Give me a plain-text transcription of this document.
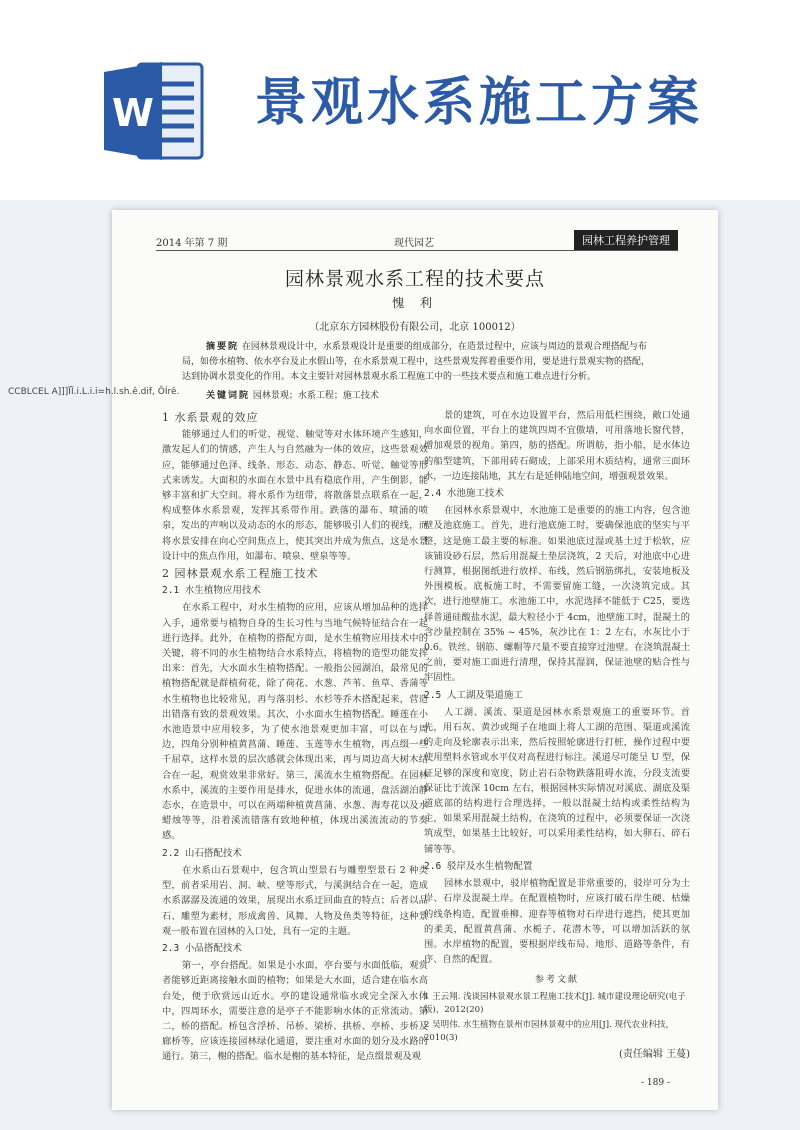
W 景观水系施工方案
2014 年第 7 期	现代园艺	园林工程养护管理
园林景观水系工程的技术要点
愧 利
（北京东方园林股份有限公司，北京 100012）
摘要院 在园林景观设计中，水系景观设计是重要的组成部分，在造景过程中，应该与周边的景观合理搭配与布局，如傍水植物、依水亭台及止水假山等，在水系景观工程中，这些景观发挥着重要作用，要是进行景观实物的搭配，达到协调水景变化的作用。本文主要针对园林景观水系工程施工中的一些技术要点和施工难点进行分析。
关键词院 园林景观；水系工程；施工技术
1 水系景观的效应

能够通过人们的听觉、视觉、触觉等对水体环境产生感知，激发起人们的情感，产生人与自然融为一体的效应，这些景观效应，能够通过色泽、线条、形态、动态、静态、听觉、触觉等形式来诱发。大面积的水面在水景中具有稳底作用，产生倒影，能够丰富和扩大空间。将水系作为纽带，将散落景点联系在一起，构成整体水系景观，发挥其系带作用。跌落的瀑布、喷涌的喷泉，发出的声响以及动态的水的形态，能够吸引人们的视线，而将水景安排在向心空间焦点上，使其突出并成为焦点，这是水景设计中的焦点作用，如瀑布、喷泉、壁泉等等。

2 园林景观水系工程施工技术
2.1 水生植物应用技术

在水系工程中，对水生植物的应用，应该从增加品种的选择入手，通常要与植物自身的生长习性与当地气候特征结合在一起进行选择。此外，在植物的搭配方面，是水生植物应用技术中的关键，将不同的水生植物结合水系特点，将植物的造型功能发挥出来：首先，大水面水生植物搭配。一般指公园湖泊，最常见的植物搭配就是群植荷花，除了荷花、水葱、芦苇、鱼草、香蒲等水生植物也比较常见，再与落羽杉、水杉等乔木搭配起来，营造出错落有致的景观效果。其次，小水面水生植物搭配。睡莲在小水池造景中应用较多，为了使水池景观更加丰富，可以在与周边，四角分别种植黄菖蒲、睡莲、玉莲等水生植物，再点缀一些千屈草，这样水景的层次感就会体现出来，再与周边高大树木结合在一起，观赏效果非常好。第三，溪流水生植物搭配。在园林水系中，溪流的主要作用是排水，促进水体的流通，盘活湖泊静态水，在造景中，可以在两端种植黄菖蒲、水葱、海寿花以及水蜡烛等等，沿着溪流错落有致地种植，体现出溪流流动的节奏感。

2.2 山石搭配技术

在水系山石景观中，包含筑山型景石与雕塑型景石 2 种类型，前者采用岩、洞、峡、壁等形式，与溪涧结合在一起，造成水系潺潺及流通的效果，展现出水系迂回曲直的特点；后者以品石、雕塑为素材，形成禽兽、风舞、人物及鱼类等特征，这种景观一般布置在园林的入口处，具有一定的主题。

2.3 小品搭配技术

第一，亭台搭配。如果是小水面，亭台要与水面低临，观赏者能够近距离接触水面的植物；如果是大水面，适合建在临水高台处，便于欣赏远山近水。亭的建设通常临水或完全深入水体中，四周环水，需要注意的是亭子不能影响水体的正常流动。第二，桥的搭配。桥包含浮桥、吊桥、梁桥、拱桥、亭桥、步桥及廊桥等，应该连接园林绿化通道，要注重对水面的划分及水路的通行。第三，榭的搭配。临水是榭的基本特征，是点缀景观及观

景的建筑，可在水边设置平台，然后用低栏围绕，敞口处通向水面位置，平台上的建筑四周不宜傲墙，可用落地长窗代替，增加观景的视角。第四，舫的搭配。所谓舫，指小船，是水体边的船型建筑，下部用砖石砌成，上部采用木质结构，通常三面环水，一边连接陆地，其左右是延伸陆地空间，增强观景效果。

2.4 水池施工技术

在园林水系景观中，水池施工是重要的的施工内容，包含池壁及池底施工。首先，进行池底施工时，要确保池底的坚实与平整，这是施工最主要的标准。如果池底过湿或基土过于松软，应该铺设砂石层，然后用混凝土垫层浇筑，2 天后，对池底中心进行测算，根据图纸进行放样、布线，然后钢筋绑扎，安装地板及外围模板。底板施工时，不需要留施工缝，一次浇筑完成。其次，进行池壁施工。水池施工中，水泥选择不能低于 C25，要选择普通硅酸盐水泥，最大粒径小于 4cm，池壁施工时，混凝土的含沙量控制在 35% ~ 45%，灰沙比在 1：2 左右，水灰比小于 0.6。铁丝、钢筋、螺帽等尺量不要直接穿过池壁。在浇筑混凝土之前，要对施工面进行清理，保持其湿润，保证池壁的贴合性与牢固性。

2.5 人工湖及渠道施工

人工湖、溪流、渠道是园林水系景观施工的重要环节。首先，用石灰、黄沙或绳子在地面上将人工湖的范围、渠道或溪流的走向及轮廓表示出来，然后按照轮廓进行打桩，操作过程中要使用塑料水管或水平仪对高程进行标注。溪道尽可能呈 U 型，保证足够的深度和宽度，防止岩石杂物跌落阻碍水流，分段支流要保证比于流深 10cm 左右，根据园林实际情况对溪底、湖底及渠道底部的结构进行合理选择，一般以混凝土结构或柔性结构为主，如果采用混凝土结构，在浇筑的过程中，必须要保证一次浇筑成型，如果基土比较好，可以采用柔性结构，如大卵石、碎石铺等等。

2.6 驳岸及水生植物配置

园林水景观中，驳岸植物配置是非常重要的，驳岸可分为土岸、石岸及混凝土岸。在配置植物时，应该打破石岸生硬、枯燥的线条构造，配置垂柳、迎春等植物对石岸进行遮挡，使其更加的柔美，配置黄菖蒲、水栀子、花潜木等，可以增加活跃的氛围。水岸植物的配置，要根据岸线布局、地形、道路等条件，有序、自然的配置。

参考文献
1 王云翔. 浅谈园林景观水景工程施工技术[J]. 城市建设理论研究(电子版)，2012(20)
2 吴明伟. 水生植物在景州市园林景观中的应用[J]. 现代农业科技，2010(3)
(责任编辑 王蔓)
- 189 -
CCBLCEL A]]]ÏÏ.i.L.i.i=h.l.sh.ê.dif, ÔÍrê.
